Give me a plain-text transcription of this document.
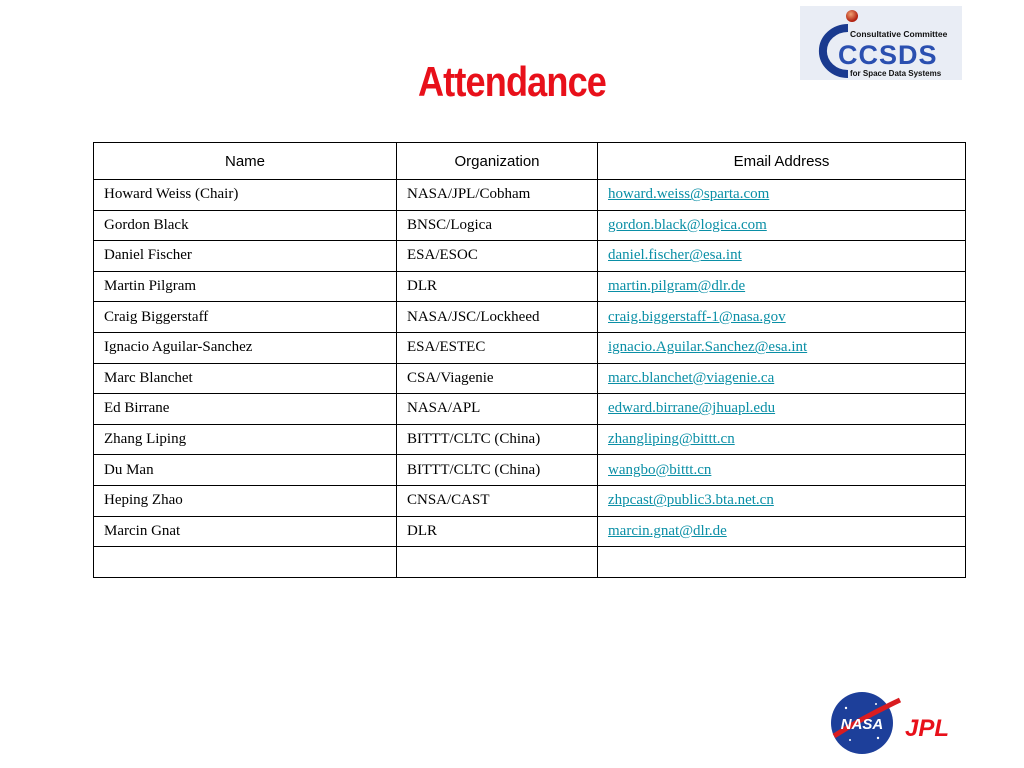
Consultative Committee
CCSDS
for Space Data Systems
Attendance
Name	Organization	Email Address
Howard Weiss (Chair)	NASA/JPL/Cobham	howard.weiss@sparta.com
Gordon Black	BNSC/Logica	gordon.black@logica.com
Daniel Fischer	ESA/ESOC	daniel.fischer@esa.int
Martin Pilgram	DLR	martin.pilgram@dlr.de
Craig Biggerstaff	NASA/JSC/Lockheed	craig.biggerstaff-1@nasa.gov
Ignacio Aguilar-Sanchez	ESA/ESTEC	ignacio.Aguilar.Sanchez@esa.int
Marc Blanchet	CSA/Viagenie	marc.blanchet@viagenie.ca
Ed Birrane	NASA/APL	edward.birrane@jhuapl.edu
Zhang Liping	BITTT/CLTC (China)	zhangliping@bittt.cn
Du Man	BITTT/CLTC (China)	wangbo@bittt.cn
Heping Zhao	CNSA/CAST	zhpcast@public3.bta.net.cn
Marcin Gnat	DLR	marcin.gnat@dlr.de

NASA JPL
